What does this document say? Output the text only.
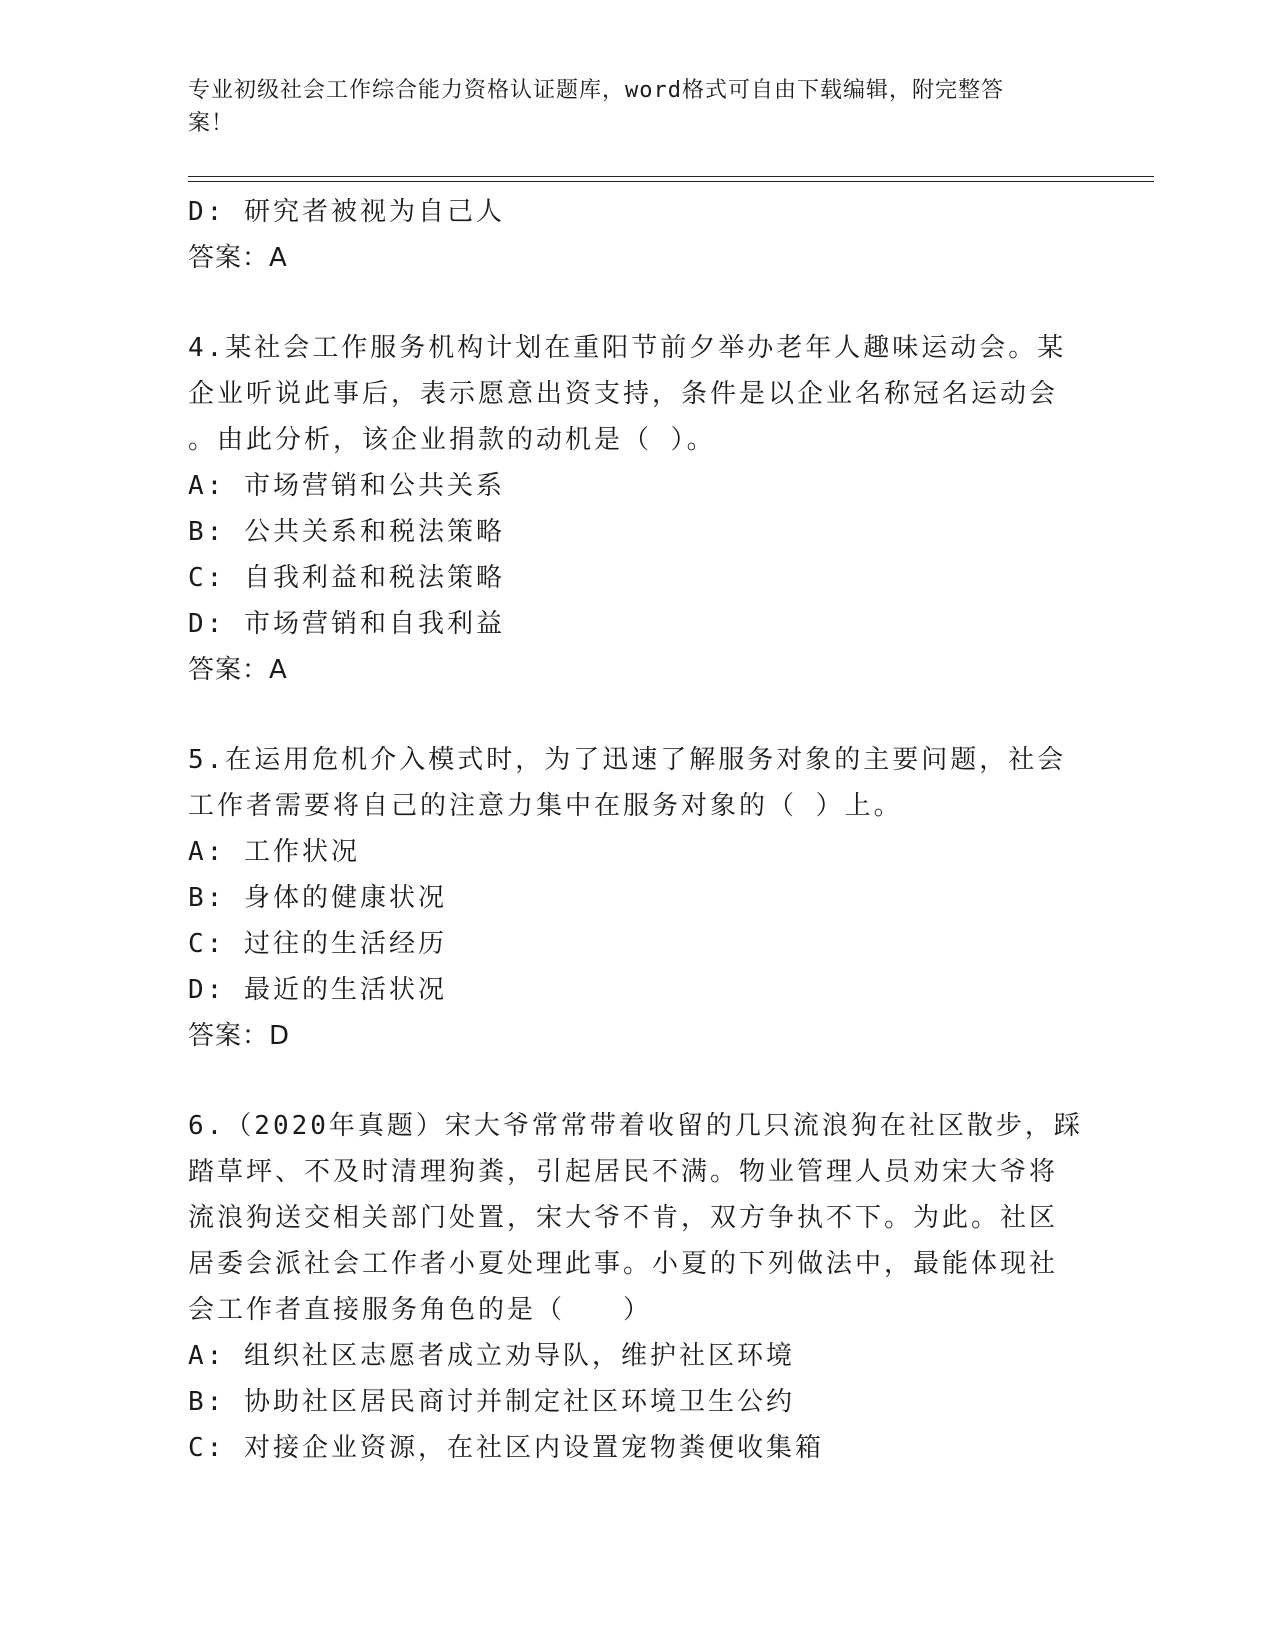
专业初级社会工作综合能力资格认证题库，word格式可自由下载编辑，附完整答
案！
D: 研究者被视为自己人
答案：A
4.某社会工作服务机构计划在重阳节前夕举办老年人趣味运动会。某
企业听说此事后，表示愿意出资支持，条件是以企业名称冠名运动会
。由此分析，该企业捐款的动机是（ ）。
A: 市场营销和公共关系
B: 公共关系和税法策略
C: 自我利益和税法策略
D: 市场营销和自我利益
答案：A
5.在运用危机介入模式时，为了迅速了解服务对象的主要问题，社会
工作者需要将自己的注意力集中在服务对象的（ ）上。
A: 工作状况
B: 身体的健康状况
C: 过往的生活经历
D: 最近的生活状况
答案：D
6.（2020年真题）宋大爷常常带着收留的几只流浪狗在社区散步，踩
踏草坪、不及时清理狗粪，引起居民不满。物业管理人员劝宋大爷将
流浪狗送交相关部门处置，宋大爷不肯，双方争执不下。为此。社区
居委会派社会工作者小夏处理此事。小夏的下列做法中，最能体现社
会工作者直接服务角色的是（　　）
A: 组织社区志愿者成立劝导队，维护社区环境
B: 协助社区居民商讨并制定社区环境卫生公约
C: 对接企业资源，在社区内设置宠物粪便收集箱
